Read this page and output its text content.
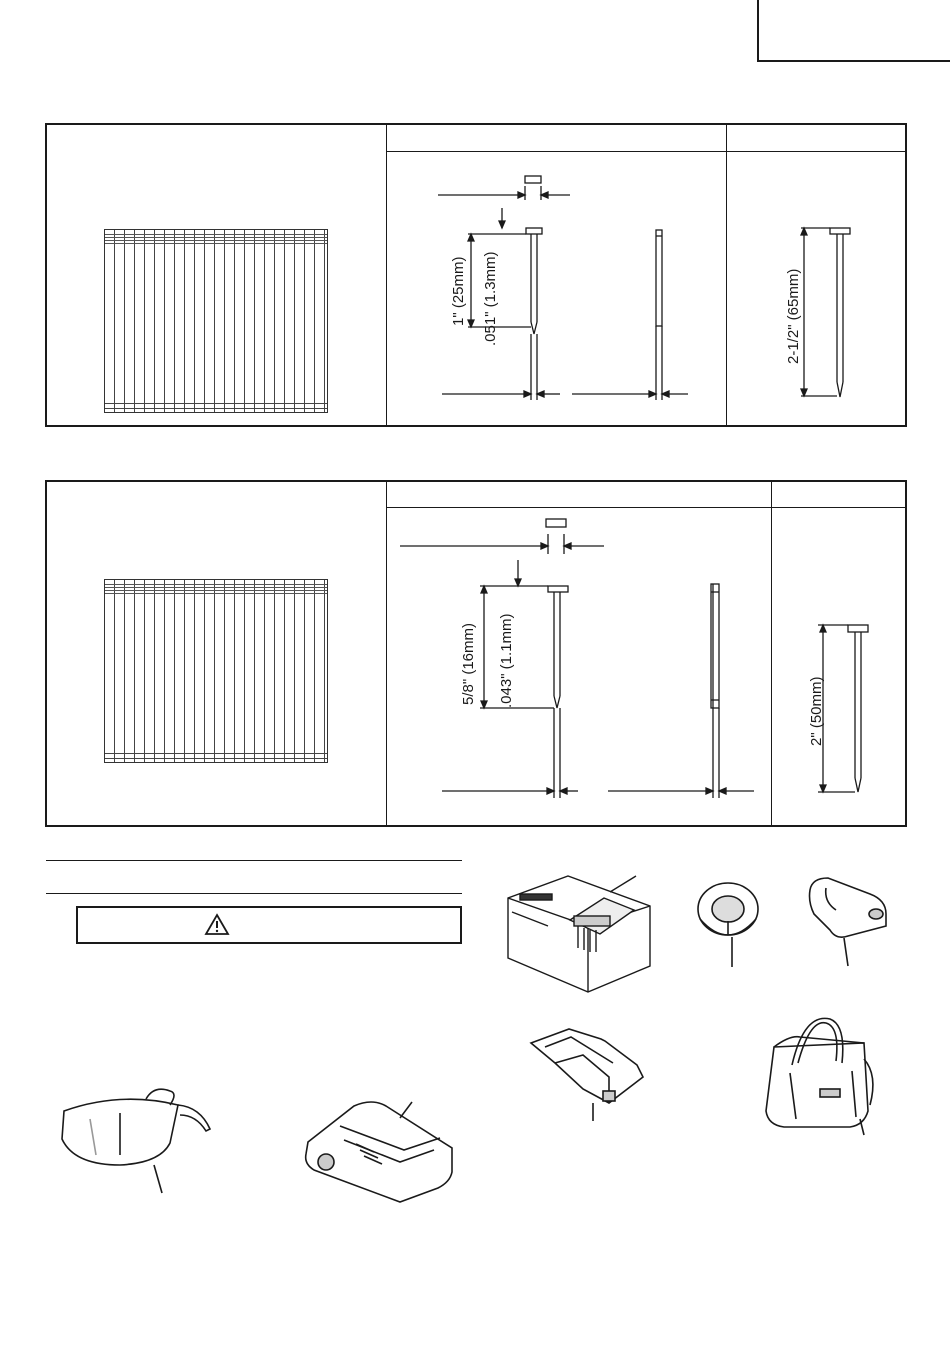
1" (25mm) .051" (1.3mm)	2-1/2" (65mm)
5/8" (16mm) .043" (1.1mm)
2" (50mm)
